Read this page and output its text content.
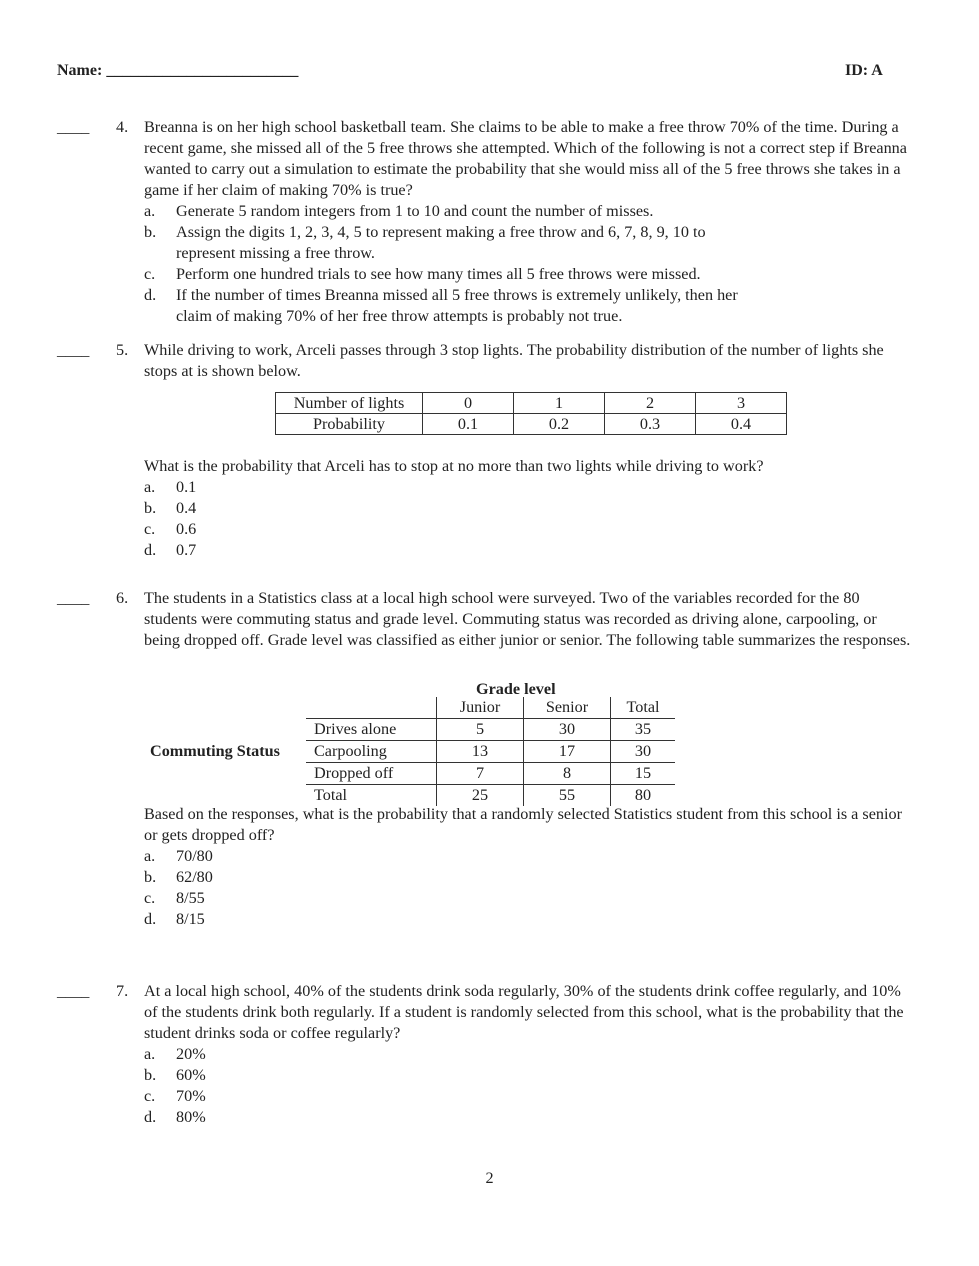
Name: ________________________	ID: A
____ 4. Breanna is on her high school basketball team. She claims to be able to make a free throw 70% of the time. During a recent game, she missed all of the 5 free throws she attempted. Which of the following is not a correct step if Breanna wanted to carry out a simulation to estimate the probability that she would miss all of the 5 free throws she takes in a game if her claim of making 70% is true?
a. Generate 5 random integers from 1 to 10 and count the number of misses.
b. Assign the digits 1, 2, 3, 4, 5 to represent making a free throw and 6, 7, 8, 9, 10 to
represent missing a free throw.
c. Perform one hundred trials to see how many times all 5 free throws were missed.
d. If the number of times Breanna missed all 5 free throws is extremely unlikely, then her
claim of making 70% of her free throw attempts is probably not true.
____ 5. While driving to work, Arceli passes through 3 stop lights. The probability distribution of the number of lights she stops at is shown below.
Number of lights	0	1	2	3
Probability	0.1	0.2	0.3	0.4
What is the probability that Arceli has to stop at no more than two lights while driving to work?
a. 0.1
b. 0.4
c. 0.6
d. 0.7
____ 6. The students in a Statistics class at a local high school were surveyed. Two of the variables recorded for the 80 students were commuting status and grade level. Commuting status was recorded as driving alone, carpooling, or being dropped off. Grade level was classified as either junior or senior. The following table summarizes the responses.
Grade level
Commuting Status
	Junior	Senior	Total
Drives alone	5	30	35
Carpooling	13	17	30
Dropped off	7	8	15
Total	25	55	80
Based on the responses, what is the probability that a randomly selected Statistics student from this school is a senior or gets dropped off?
a. 70/80
b. 62/80
c. 8/55
d. 8/15
____ 7. At a local high school, 40% of the students drink soda regularly, 30% of the students drink coffee regularly, and 10% of the students drink both regularly. If a student is randomly selected from this school, what is the probability that the student drinks soda or coffee regularly?
a. 20%
b. 60%
c. 70%
d. 80%
2
